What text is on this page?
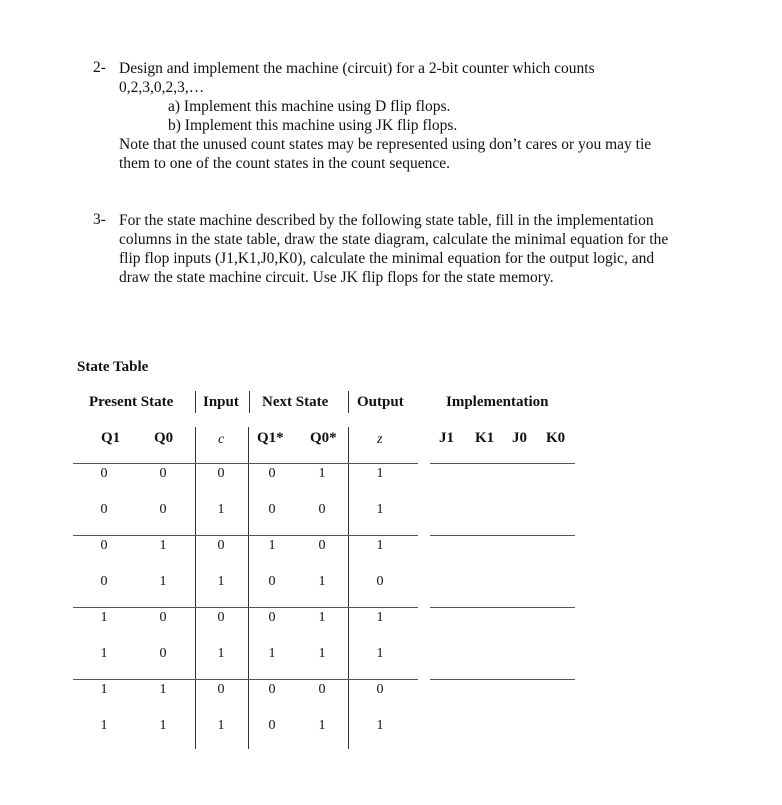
2- Design and implement the machine (circuit) for a 2-bit counter which counts
0,2,3,0,2,3,…
a) Implement this machine using D flip flops.
b) Implement this machine using JK flip flops.
Note that the unused count states may be represented using don’t cares or you may tie
them to one of the count states in the count sequence.
3- For the state machine described by the following state table, fill in the implementation
columns in the state table, draw the state diagram, calculate the minimal equation for the
flip flop inputs (J1,K1,J0,K0), calculate the minimal equation for the output logic, and
draw the state machine circuit. Use JK flip flops for the state memory.
State Table
Present State Input Next State Output	Implementation
Q1 Q0	c Q1* Q0*	z	J1 K1 J0 K0
0	0	0	0	1	1
0	0	1	0	0	1
0	1	0	1	0	1
0	1	1	0	1	0
1	0	0	0	1	1
1	0	1	1	1	1
1	1	0	0	0	0
1	1	1	0	1	1
